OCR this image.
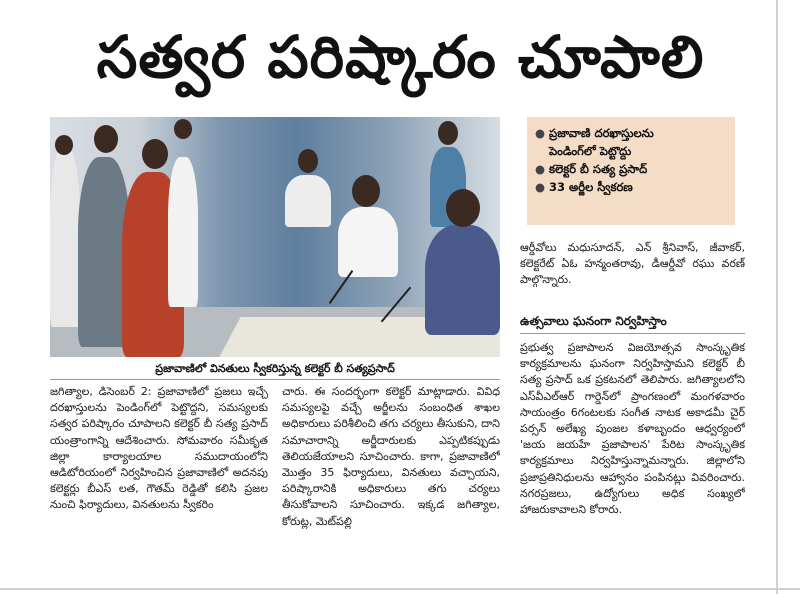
సత్వర పరిష్కారం చూపాలి
ప్రజావాణిలో వినతులు స్వీకరిస్తున్న కలెక్టర్ బీ సత్యప్రసాద్
● ప్రజావాణి దరఖాస్తులను
పెండింగ్‌లో పెట్టొద్దు
● కలెక్టర్ బీ సత్య ప్రసాద్
● 33 అర్జీల స్వీకరణ

ఆర్డీవోలు మధుసూదన్, ఎన్ శ్రీనివాస్, జీవాకర్, కలెక్టరేట్ ఏఓ హన్మంతరావు, డీఆర్డీవో రఘు వరణ్ పాల్గొన్నారు.

ఉత్సవాలు ఘనంగా నిర్వహిస్తాం

ప్రభుత్వ ప్రజాపాలన విజయోత్సవ సాంస్కృతిక కార్యక్రమాలను ఘనంగా నిర్వహిస్తామని కలెక్టర్ బీ సత్య ప్రసాద్ ఒక ప్రకటనలో తెలిపారు. జగిత్యాలలోని ఎస్‌వీఎల్ఆర్ గార్డెన్‌లో ప్రాంగణంలో మంగళవారం సాయంత్రం 6గంటలకు సంగీత నాటక అకాడమీ చైర్ పర్సన్ అలేఖ్య పుంజల కళాబృందం ఆధ్వర్యంలో 'జయ జయహే ప్రజాపాలన' పేరిట సాంస్కృతిక కార్యక్రమాలు నిర్వహిస్తున్నామన్నారు. జిల్లాలోని ప్రజాప్రతినిధులను ఆహ్వానం పంపినట్లు వివరించారు. నగరప్రజలు, ఉద్యోగులు అధిక సంఖ్యలో హాజరుకావాలని కోరారు.

జగిత్యాల, డిసెంబర్ 2: ప్రజావాణిలో ప్రజలు ఇచ్చే దరఖాస్తులను పెండింగ్‌లో పెట్టొద్దని, సమస్యలకు సత్వర పరిష్కారం చూపాలని కలెక్టర్ బీ సత్య ప్రసాద్ యంత్రాంగాన్ని ఆదేశించారు. సోమవారం సమీకృత జిల్లా కార్యాలయాల సముదాయంలోని ఆడిటోరియంలో నిర్వహించిన ప్రజావాణిలో అదనపు కలెక్టర్లు బీఎస్ లత, గౌతమ్ రెడ్డితో కలిసి ప్రజల నుంచి ఫిర్యాదులు, వినతులను స్వీకరిం

చారు. ఈ సందర్భంగా కలెక్టర్ మాట్లాడారు. వివిధ సమస్యలపై వచ్చే అర్జీలను సంబంధిత శాఖల అధికారులు పరిశీలించి తగు చర్యలు తీసుకుని, దాని సమాచారాన్ని అర్జీదారులకు ఎప్పటికప్పుడు తెలియజేయాలని సూచించారు. కాగా, ప్రజావాణిలో మొత్తం 35 ఫిర్యాదులు, వినతులు వచ్చాయని, పరిష్కారానికి అధికారులు తగు చర్యలు తీసుకోవాలని సూచించారు. ఇక్కడ జగిత్యాల, కోరుట్ల, మెట్‌పల్లి
